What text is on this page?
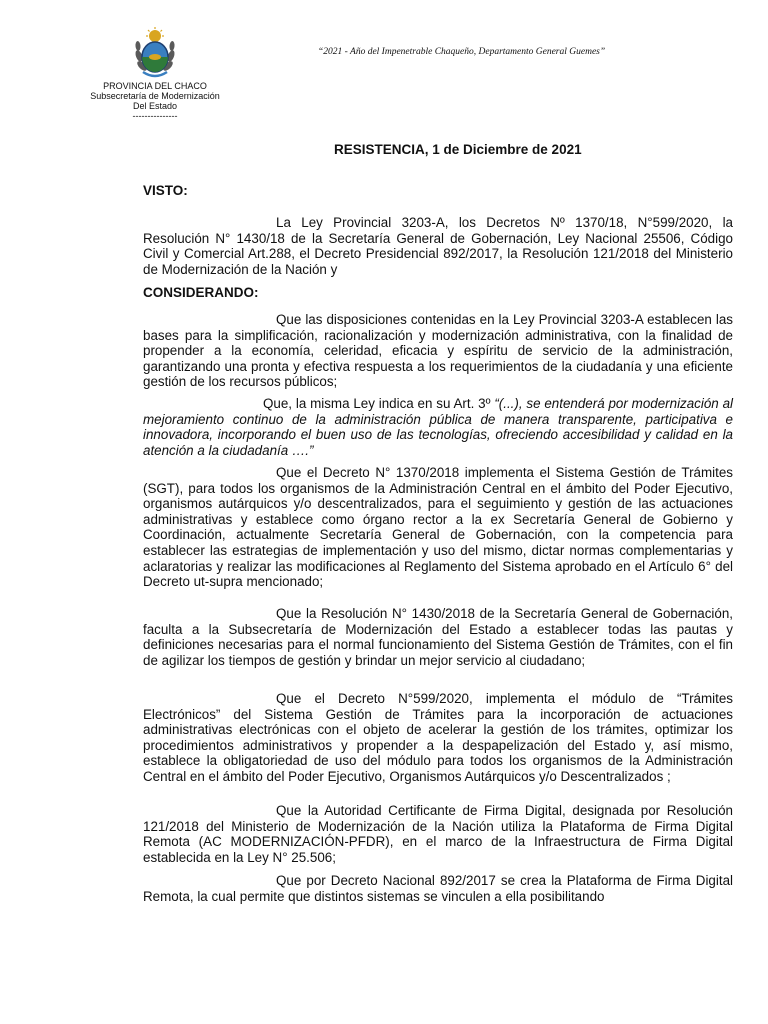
PROVINCIA DEL CHACO
Subsecretaría de Modernización
Del Estado
---------------
“2021 - Año del Impenetrable Chaqueño, Departamento General Guemes”
RESISTENCIA, 1 de Diciembre de 2021
VISTO:

La Ley Provincial 3203-A, los Decretos Nº 1370/18, N°599/2020, la Resolución N° 1430/18 de la Secretaría General de Gobernación, Ley Nacional 25506, Código Civil y Comercial Art.288, el Decreto Presidencial 892/2017, la Resolución 121/2018 del Ministerio de Modernización de la Nación y

CONSIDERANDO:

Que las disposiciones contenidas en la Ley Provincial 3203-A establecen las bases para la simplificación, racionalización y modernización administrativa, con la finalidad de propender a la economía, celeridad, eficacia y espíritu de servicio de la administración, garantizando una pronta y efectiva respuesta a los requerimientos de la ciudadanía y una eficiente gestión de los recursos públicos;

Que, la misma Ley indica en su Art. 3º “(...), se entenderá por modernización al mejoramiento continuo de la administración pública de manera transparente, participativa e innovadora, incorporando el buen uso de las tecnologías, ofreciendo accesibilidad y calidad en la atención a la ciudadanía ….”

Que el Decreto N° 1370/2018 implementa el Sistema Gestión de Trámites (SGT), para todos los organismos de la Administración Central en el ámbito del Poder Ejecutivo, organismos autárquicos y/o descentralizados, para el seguimiento y gestión de las actuaciones administrativas y establece como órgano rector a la ex Secretaría General de Gobierno y Coordinación, actualmente Secretaría General de Gobernación, con la competencia para establecer las estrategias de implementación y uso del mismo, dictar normas complementarias y aclaratorias y realizar las modificaciones al Reglamento del Sistema aprobado en el Artículo 6° del Decreto ut-supra mencionado;

Que la Resolución N° 1430/2018 de la Secretaría General de Gobernación, faculta a la Subsecretaría de Modernización del Estado a establecer todas las pautas y definiciones necesarias para el normal funcionamiento del Sistema Gestión de Trámites, con el fin de agilizar los tiempos de gestión y brindar un mejor servicio al ciudadano;

Que el Decreto N°599/2020, implementa el módulo de “Trámites Electrónicos” del Sistema Gestión de Trámites para la incorporación de actuaciones administrativas electrónicas con el objeto de acelerar la gestión de los trámites, optimizar los procedimientos administrativos y propender a la despapelización del Estado y, así mismo, establece la obligatoriedad de uso del módulo para todos los organismos de la Administración Central en el ámbito del Poder Ejecutivo, Organismos Autárquicos y/o Descentralizados ;

Que la Autoridad Certificante de Firma Digital, designada por Resolución 121/2018 del Ministerio de Modernización de la Nación utiliza la Plataforma de Firma Digital Remota (AC MODERNIZACIÓN-PFDR), en el marco de la Infraestructura de Firma Digital establecida en la Ley N° 25.506;

Que por Decreto Nacional 892/2017 se crea la Plataforma de Firma Digital Remota, la cual permite que distintos sistemas se vinculen a ella posibilitando
